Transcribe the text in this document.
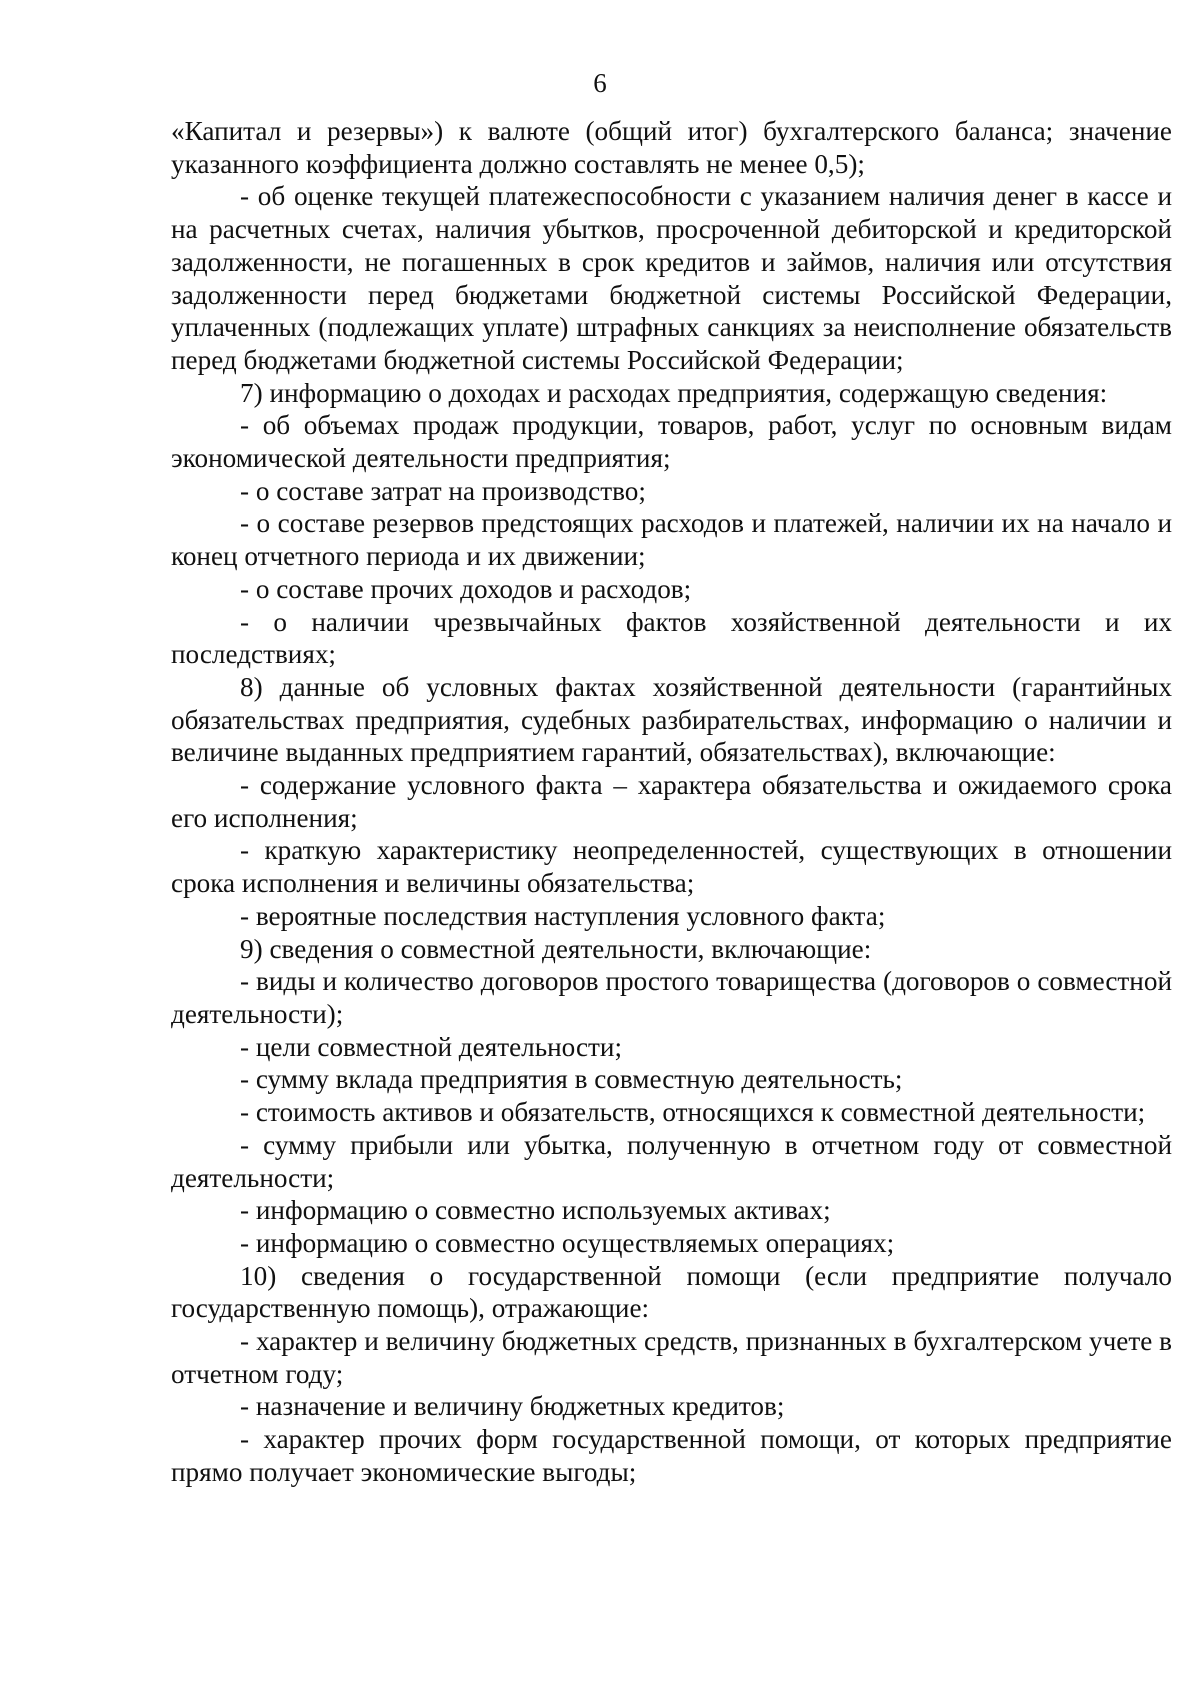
6

«Капитал и резервы») к валюте (общий итог) бухгалтерского баланса; значение указанного коэффициента должно составлять не менее 0,5);

- об оценке текущей платежеспособности с указанием наличия денег в кассе и на расчетных счетах, наличия убытков, просроченной дебиторской и кредиторской задолженности, не погашенных в срок кредитов и займов, наличия или отсутствия задолженности перед бюджетами бюджетной системы Российской Федерации, уплаченных (подлежащих уплате) штрафных санкциях за неисполнение обязательств перед бюджетами бюджетной системы Российской Федерации;

7) информацию о доходах и расходах предприятия, содержащую сведения:

- об объемах продаж продукции, товаров, работ, услуг по основным видам экономической деятельности предприятия;

- о составе затрат на производство;

- о составе резервов предстоящих расходов и платежей, наличии их на начало и конец отчетного периода и их движении;

- о составе прочих доходов и расходов;

- о наличии чрезвычайных фактов хозяйственной деятельности и их последствиях;

8) данные об условных фактах хозяйственной деятельности (гарантийных обязательствах предприятия, судебных разбирательствах, информацию о наличии и величине выданных предприятием гарантий, обязательствах), включающие:

- содержание условного факта – характера обязательства и ожидаемого срока его исполнения;

- краткую характеристику неопределенностей, существующих в отношении срока исполнения и величины обязательства;

- вероятные последствия наступления условного факта;

9) сведения о совместной деятельности, включающие:

- виды и количество договоров простого товарищества (договоров о совместной деятельности);

- цели совместной деятельности;

- сумму вклада предприятия в совместную деятельность;

- стоимость активов и обязательств, относящихся к совместной деятельности;

- сумму прибыли или убытка, полученную в отчетном году от совместной деятельности;

- информацию о совместно используемых активах;

- информацию о совместно осуществляемых операциях;

10) сведения о государственной помощи (если предприятие получало государственную помощь), отражающие:

- характер и величину бюджетных средств, признанных в бухгалтерском учете в отчетном году;

- назначение и величину бюджетных кредитов;

- характер прочих форм государственной помощи, от которых предприятие прямо получает экономические выгоды;
